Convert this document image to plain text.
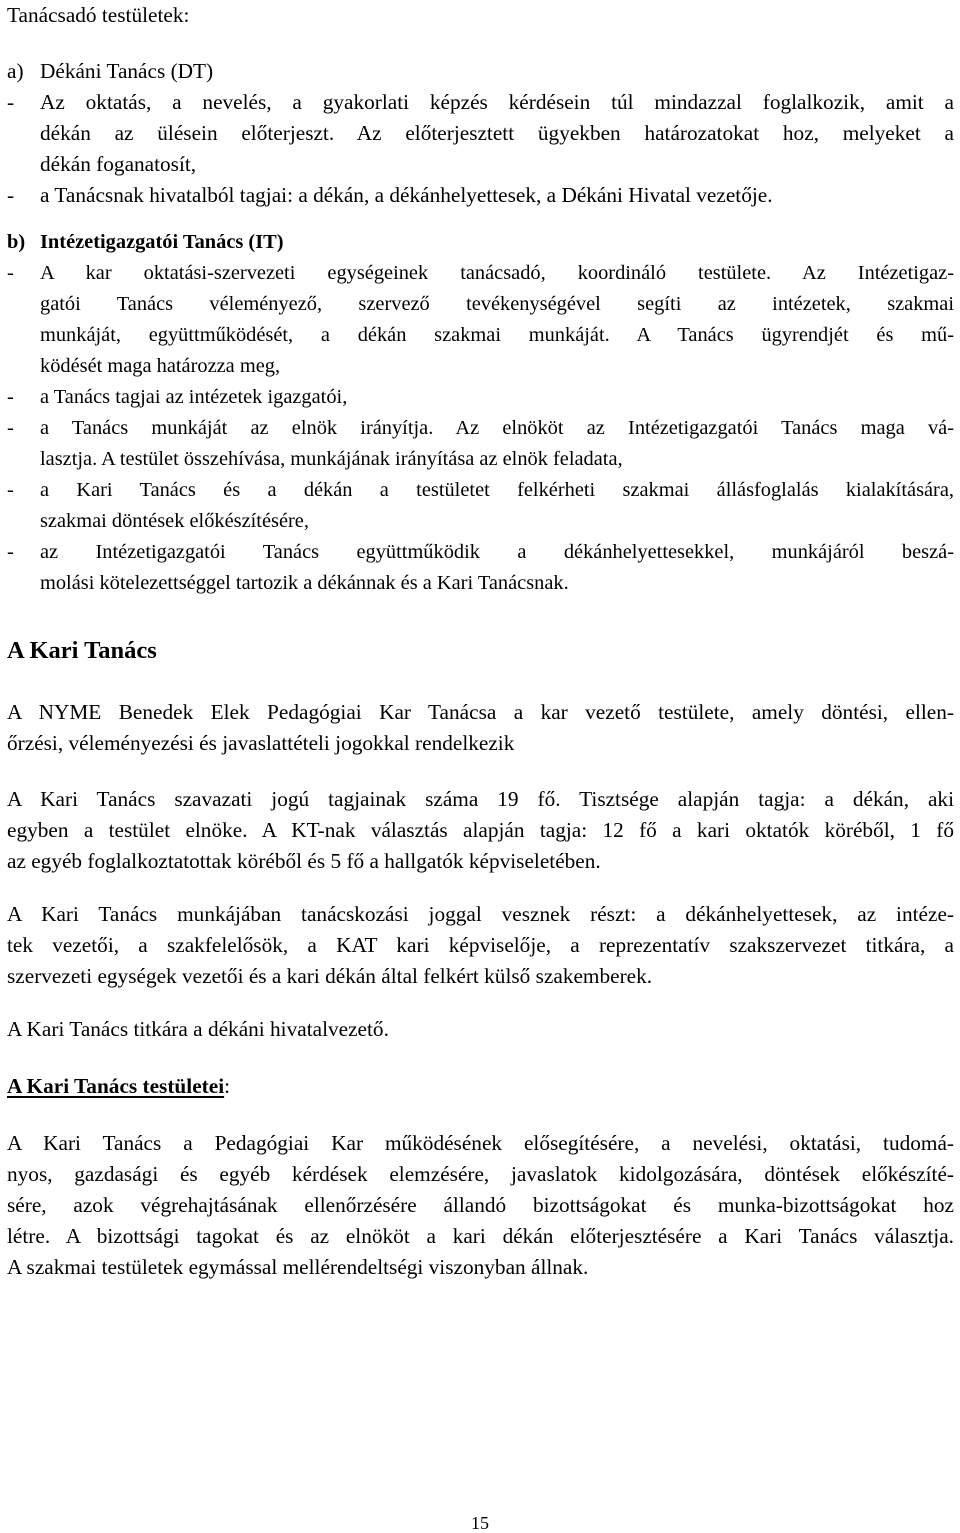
Tanácsadó testületek:
a) Dékáni Tanács (DT)
-	Az oktatás, a nevelés, a gyakorlati képzés kérdésein túl mindazzal foglalkozik, amit a
dékán az ülésein előterjeszt. Az előterjesztett ügyekben határozatokat hoz, melyeket a
dékán foganatosít,
-	a Tanácsnak hivatalból tagjai: a dékán, a dékánhelyettesek, a Dékáni Hivatal vezetője.
b) Intézetigazgatói Tanács (IT)
-	A kar oktatási-szervezeti egységeinek tanácsadó, koordináló testülete. Az Intézetigaz-
gatói Tanács véleményező, szervező tevékenységével segíti az intézetek, szakmai
munkáját, együttműködését, a dékán szakmai munkáját. A Tanács ügyrendjét és mű-
ködését maga határozza meg,
-	a Tanács tagjai az intézetek igazgatói,
-	a Tanács munkáját az elnök irányítja. Az elnököt az Intézetigazgatói Tanács maga vá-
lasztja. A testület összehívása, munkájának irányítása az elnök feladata,
-	a Kari Tanács és a dékán a testületet felkérheti szakmai állásfoglalás kialakítására,
szakmai döntések előkészítésére,
-	az Intézetigazgatói Tanács együttműködik a dékánhelyettesekkel, munkájáról beszá-
molási kötelezettséggel tartozik a dékánnak és a Kari Tanácsnak.
A Kari Tanács
A NYME Benedek Elek Pedagógiai Kar Tanácsa a kar vezető testülete, amely döntési, ellen-
őrzési, véleményezési és javaslattételi jogokkal rendelkezik
A Kari Tanács szavazati jogú tagjainak száma 19 fő. Tisztsége alapján tagja: a dékán, aki
egyben a testület elnöke. A KT-nak választás alapján tagja: 12 fő a kari oktatók köréből, 1 fő
az egyéb foglalkoztatottak köréből és 5 fő a hallgatók képviseletében.
A Kari Tanács munkájában tanácskozási joggal vesznek részt: a dékánhelyettesek, az intéze-
tek vezetői, a szakfelelősök, a KAT kari képviselője, a reprezentatív szakszervezet titkára, a
szervezeti egységek vezetői és a kari dékán által felkért külső szakemberek.
A Kari Tanács titkára a dékáni hivatalvezető.
A Kari Tanács testületei:
A Kari Tanács a Pedagógiai Kar működésének elősegítésére, a nevelési, oktatási, tudomá-
nyos, gazdasági és egyéb kérdések elemzésére, javaslatok kidolgozására, döntések előkészíté-
sére, azok végrehajtásának ellenőrzésére állandó bizottságokat és munka-bizottságokat hoz
létre. A bizottsági tagokat és az elnököt a kari dékán előterjesztésére a Kari Tanács választja.
A szakmai testületek egymással mellérendeltségi viszonyban állnak.
15
